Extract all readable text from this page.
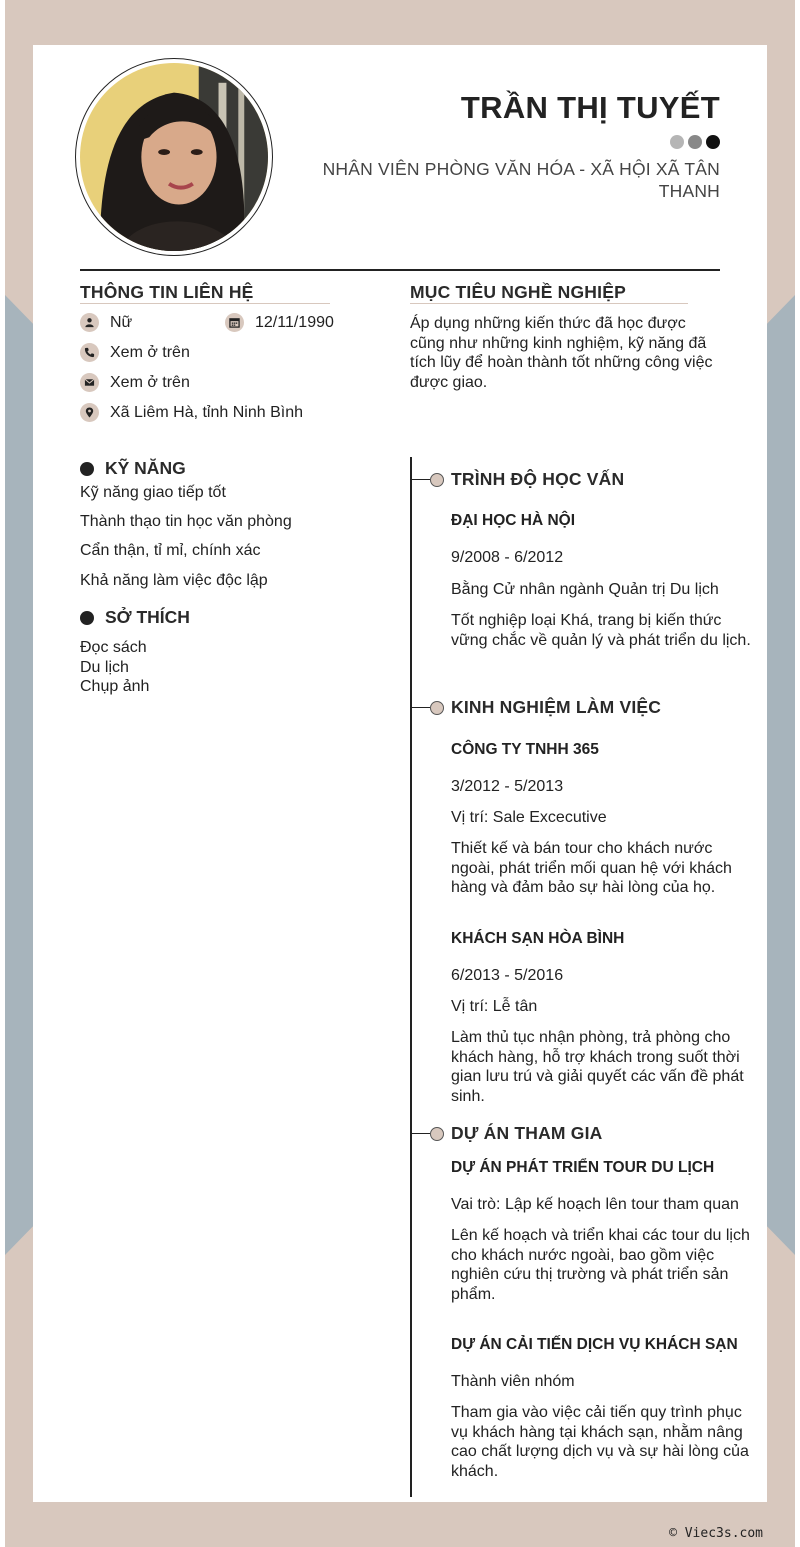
TRẦN THỊ TUYẾT
NHÂN VIÊN PHÒNG VĂN HÓA - XÃ HỘI XÃ TÂN THANH
THÔNG TIN LIÊN HỆ
Nữ	12/11/1990
Xem ở trên
Xem ở trên
Xã Liêm Hà, tỉnh Ninh Bình
MỤC TIÊU NGHỀ NGHIỆP
Áp dụng những kiến thức đã học được cũng như những kinh nghiệm, kỹ năng đã tích lũy để hoàn thành tốt những công việc được giao.
KỸ NĂNG
Kỹ năng giao tiếp tốt
Thành thạo tin học văn phòng
Cẩn thận, tỉ mỉ, chính xác
Khả năng làm việc độc lập
SỞ THÍCH
Đọc sách
Du lịch
Chụp ảnh
TRÌNH ĐỘ HỌC VẤN
ĐẠI HỌC HÀ NỘI
9/2008 - 6/2012
Bằng Cử nhân ngành Quản trị Du lịch
Tốt nghiệp loại Khá, trang bị kiến thức vững chắc về quản lý và phát triển du lịch.
KINH NGHIỆM LÀM VIỆC
CÔNG TY TNHH 365
3/2012 - 5/2013
Vị trí: Sale Excecutive
Thiết kế và bán tour cho khách nước ngoài, phát triển mối quan hệ với khách hàng và đảm bảo sự hài lòng của họ.
KHÁCH SẠN HÒA BÌNH
6/2013 - 5/2016
Vị trí: Lễ tân
Làm thủ tục nhận phòng, trả phòng cho khách hàng, hỗ trợ khách trong suốt thời gian lưu trú và giải quyết các vấn đề phát sinh.
DỰ ÁN THAM GIA
DỰ ÁN PHÁT TRIỂN TOUR DU LỊCH
Vai trò: Lập kế hoạch lên tour tham quan
Lên kế hoạch và triển khai các tour du lịch cho khách nước ngoài, bao gồm việc nghiên cứu thị trường và phát triển sản phẩm.
DỰ ÁN CẢI TIẾN DỊCH VỤ KHÁCH SẠN
Thành viên nhóm
Tham gia vào việc cải tiến quy trình phục vụ khách hàng tại khách sạn, nhằm nâng cao chất lượng dịch vụ và sự hài lòng của khách.
© Viec3s.com
